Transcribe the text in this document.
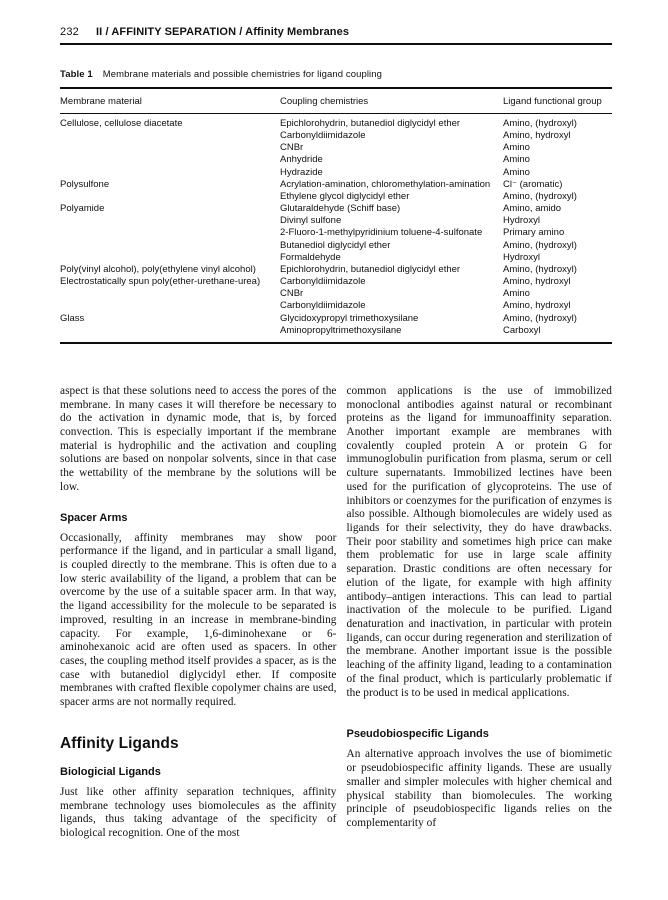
232	II / AFFINITY SEPARATION / Affinity Membranes
Table 1 Membrane materials and possible chemistries for ligand coupling
Membrane material	Coupling chemistries	Ligand functional group
Cellulose, cellulose diacetate	Epichlorohydrin, butanediol diglycidyl ether	Amino, (hydroxyl)
	Carbonyldiimidazole	Amino, hydroxyl
	CNBr	Amino
	Anhydride	Amino
	Hydrazide	Amino
Polysulfone	Acrylation-amination, chloromethylation-amination	Cl⁻ (aromatic)
	Ethylene glycol diglycidyl ether	Amino, (hydroxyl)
Polyamide	Glutaraldehyde (Schiff base)	Amino, amido
	Divinyl sulfone	Hydroxyl
	2-Fluoro-1-methylpyridinium toluene-4-sulfonate	Primary amino
	Butanediol diglycidyl ether	Amino, (hydroxyl)
	Formaldehyde	Hydroxyl
Poly(vinyl alcohol), poly(ethylene vinyl alcohol)	Epichlorohydrin, butanediol diglycidyl ether	Amino, (hydroxyl)
Electrostatically spun poly(ether-urethane-urea)	Carbonyldiimidazole	Amino, hydroxyl
	CNBr	Amino
	Carbonyldiimidazole	Amino, hydroxyl
Glass	Glycidoxypropyl trimethoxysilane	Amino, (hydroxyl)
	Aminopropyltrimethoxysilane	Carboxyl

aspect is that these solutions need to access the pores of the membrane. In many cases it will therefore be necessary to do the activation in dynamic mode, that is, by forced convection. This is especially important if the membrane material is hydrophilic and the activation and coupling solutions are based on nonpolar solvents, since in that case the wettability of the membrane by the solutions will be low.

Spacer Arms

Occasionally, affinity membranes may show poor performance if the ligand, and in particular a small ligand, is coupled directly to the membrane. This is often due to a low steric availability of the ligand, a problem that can be overcome by the use of a suitable spacer arm. In that way, the ligand accessibility for the molecule to be separated is improved, resulting in an increase in membrane-binding capacity. For example, 1,6-diminohexane or 6-aminohexanoic acid are often used as spacers. In other cases, the coupling method itself provides a spacer, as is the case with butanediol diglycidyl ether. If composite membranes with crafted flexible copolymer chains are used, spacer arms are not normally required.

Affinity Ligands
Biologicial Ligands

Just like other affinity separation techniques, affinity membrane technology uses biomolecules as the affinity ligands, thus taking advantage of the specificity of biological recognition. One of the most

common applications is the use of immobilized monoclonal antibodies against natural or recombinant proteins as the ligand for immunoaffinity separation. Another important example are membranes with covalently coupled protein A or protein G for immunoglobulin purification from plasma, serum or cell culture supernatants. Immobilized lectines have been used for the purification of glycoproteins. The use of inhibitors or coenzymes for the purification of enzymes is also possible. Although biomolecules are widely used as ligands for their selectivity, they do have drawbacks. Their poor stability and sometimes high price can make them problematic for use in large scale affinity separation. Drastic conditions are often necessary for elution of the ligate, for example with high affinity antibody–antigen interactions. This can lead to partial inactivation of the molecule to be purified. Ligand denaturation and inactivation, in particular with protein ligands, can occur during regeneration and sterilization of the membrane. Another important issue is the possible leaching of the affinity ligand, leading to a contamination of the final product, which is particularly problematic if the product is to be used in medical applications.

Pseudobiospecific Ligands

An alternative approach involves the use of biomimetic or pseudobiospecific affinity ligands. These are usually smaller and simpler molecules with higher chemical and physical stability than biomolecules. The working principle of pseudobiospecific ligands relies on the complementarity of
